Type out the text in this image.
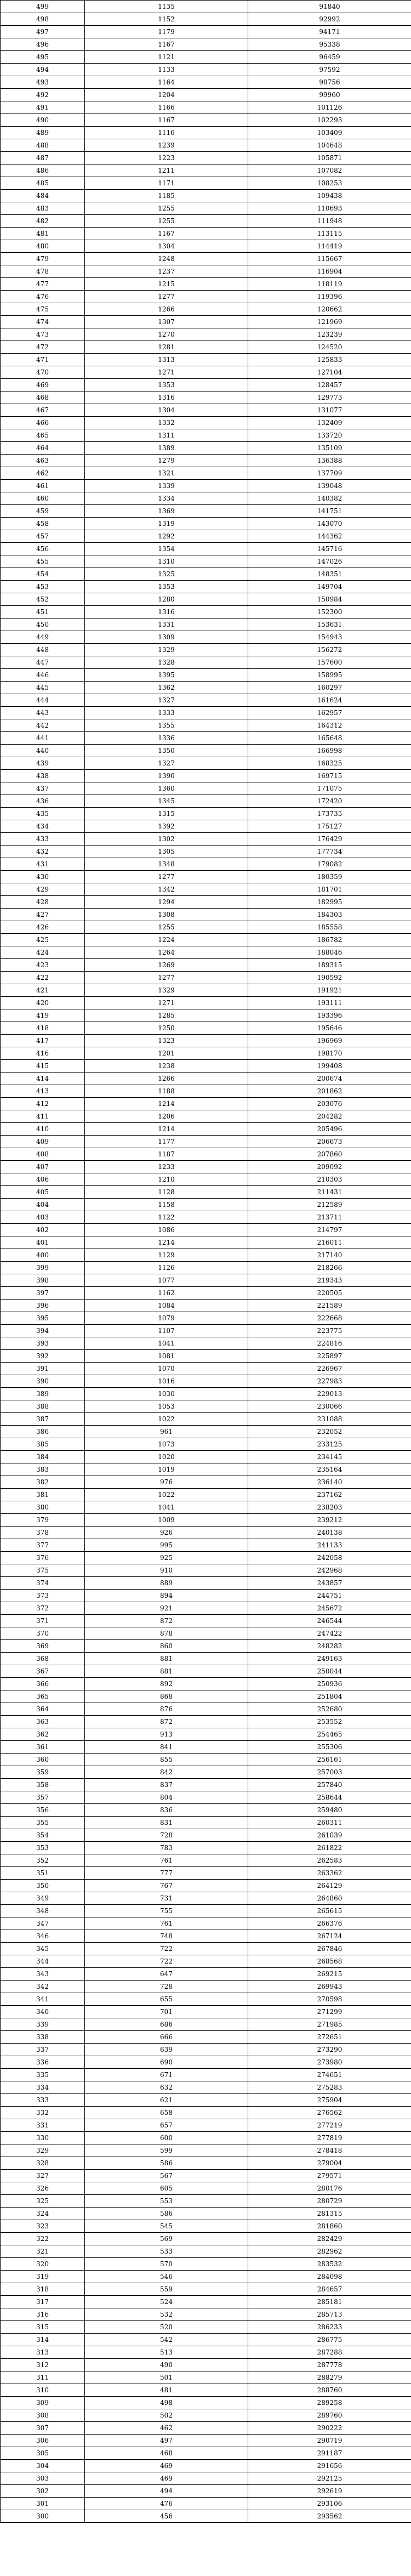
499	1135	91840
498	1152	92992
497	1179	94171
496	1167	95338
495	1121	96459
494	1133	97592
493	1164	98756
492	1204	99960
491	1166	101126
490	1167	102293
489	1116	103409
488	1239	104648
487	1223	105871
486	1211	107082
485	1171	108253
484	1185	109438
483	1255	110693
482	1255	111948
481	1167	113115
480	1304	114419
479	1248	115667
478	1237	116904
477	1215	118119
476	1277	119396
475	1266	120662
474	1307	121969
473	1270	123239
472	1281	124520
471	1313	125833
470	1271	127104
469	1353	128457
468	1316	129773
467	1304	131077
466	1332	132409
465	1311	133720
464	1389	135109
463	1279	136388
462	1321	137709
461	1339	139048
460	1334	140382
459	1369	141751
458	1319	143070
457	1292	144362
456	1354	145716
455	1310	147026
454	1325	148351
453	1353	149704
452	1280	150984
451	1316	152300
450	1331	153631
449	1309	154943
448	1329	156272
447	1328	157600
446	1395	158995
445	1362	160297
444	1327	161624
443	1333	162957
442	1355	164312
441	1336	165648
440	1350	166998
439	1327	168325
438	1390	169715
437	1360	171075
436	1345	172420
435	1315	173735
434	1392	175127
433	1302	176429
432	1305	177734
431	1348	179082
430	1277	180359
429	1342	181701
428	1294	182995
427	1308	184303
426	1255	185558
425	1224	186782
424	1264	188046
423	1269	189315
422	1277	190592
421	1329	191921
420	1271	193111
419	1285	193396
418	1250	195646
417	1323	196969
416	1201	198170
415	1238	199408
414	1266	200674
413	1188	201862
412	1214	203076
411	1206	204282
410	1214	205496
409	1177	206673
408	1187	207860
407	1233	209092
406	1210	210303
405	1128	211431
404	1158	212589
403	1122	213711
402	1086	214797
401	1214	216011
400	1129	217140
399	1126	218266
398	1077	219343
397	1162	220505
396	1084	221589
395	1079	222668
394	1107	223775
393	1041	224816
392	1081	225897
391	1070	226967
390	1016	227983
389	1030	229013
388	1053	230066
387	1022	231088
386	961	232052
385	1073	233125
384	1020	234145
383	1019	235164
382	976	236140
381	1022	237162
380	1041	238203
379	1009	239212
378	926	240138
377	995	241133
376	925	242058
375	910	242968
374	889	243857
373	894	244751
372	921	245672
371	872	246544
370	878	247422
369	860	248282
368	881	249163
367	881	250044
366	892	250936
365	868	251804
364	876	252680
363	872	253552
362	913	254465
361	841	255306
360	855	256161
359	842	257003
358	837	257840
357	804	258644
356	836	259480
355	831	260311
354	728	261039
353	783	261822
352	761	262583
351	777	263362
350	767	264129
349	731	264860
348	755	265615
347	761	266376
346	748	267124
345	722	267846
344	722	268568
343	647	269215
342	728	269943
341	655	270598
340	701	271299
339	686	271985
338	666	272651
337	639	273290
336	690	273980
335	671	274651
334	632	275283
333	621	275904
332	658	276562
331	657	277219
330	600	277819
329	599	278418
328	586	279004
327	567	279571
326	605	280176
325	553	280729
324	586	281315
323	545	281860
322	569	282429
321	533	282962
320	570	283532
319	546	284098
318	559	284657
317	524	285181
316	532	285713
315	520	286233
314	542	286775
313	513	287288
312	490	287778
311	501	288279
310	481	288760
309	498	289258
308	502	289760
307	462	290222
306	497	290719
305	468	291187
304	469	291656
303	469	292125
302	494	292619
301	476	293106
300	456	293562
